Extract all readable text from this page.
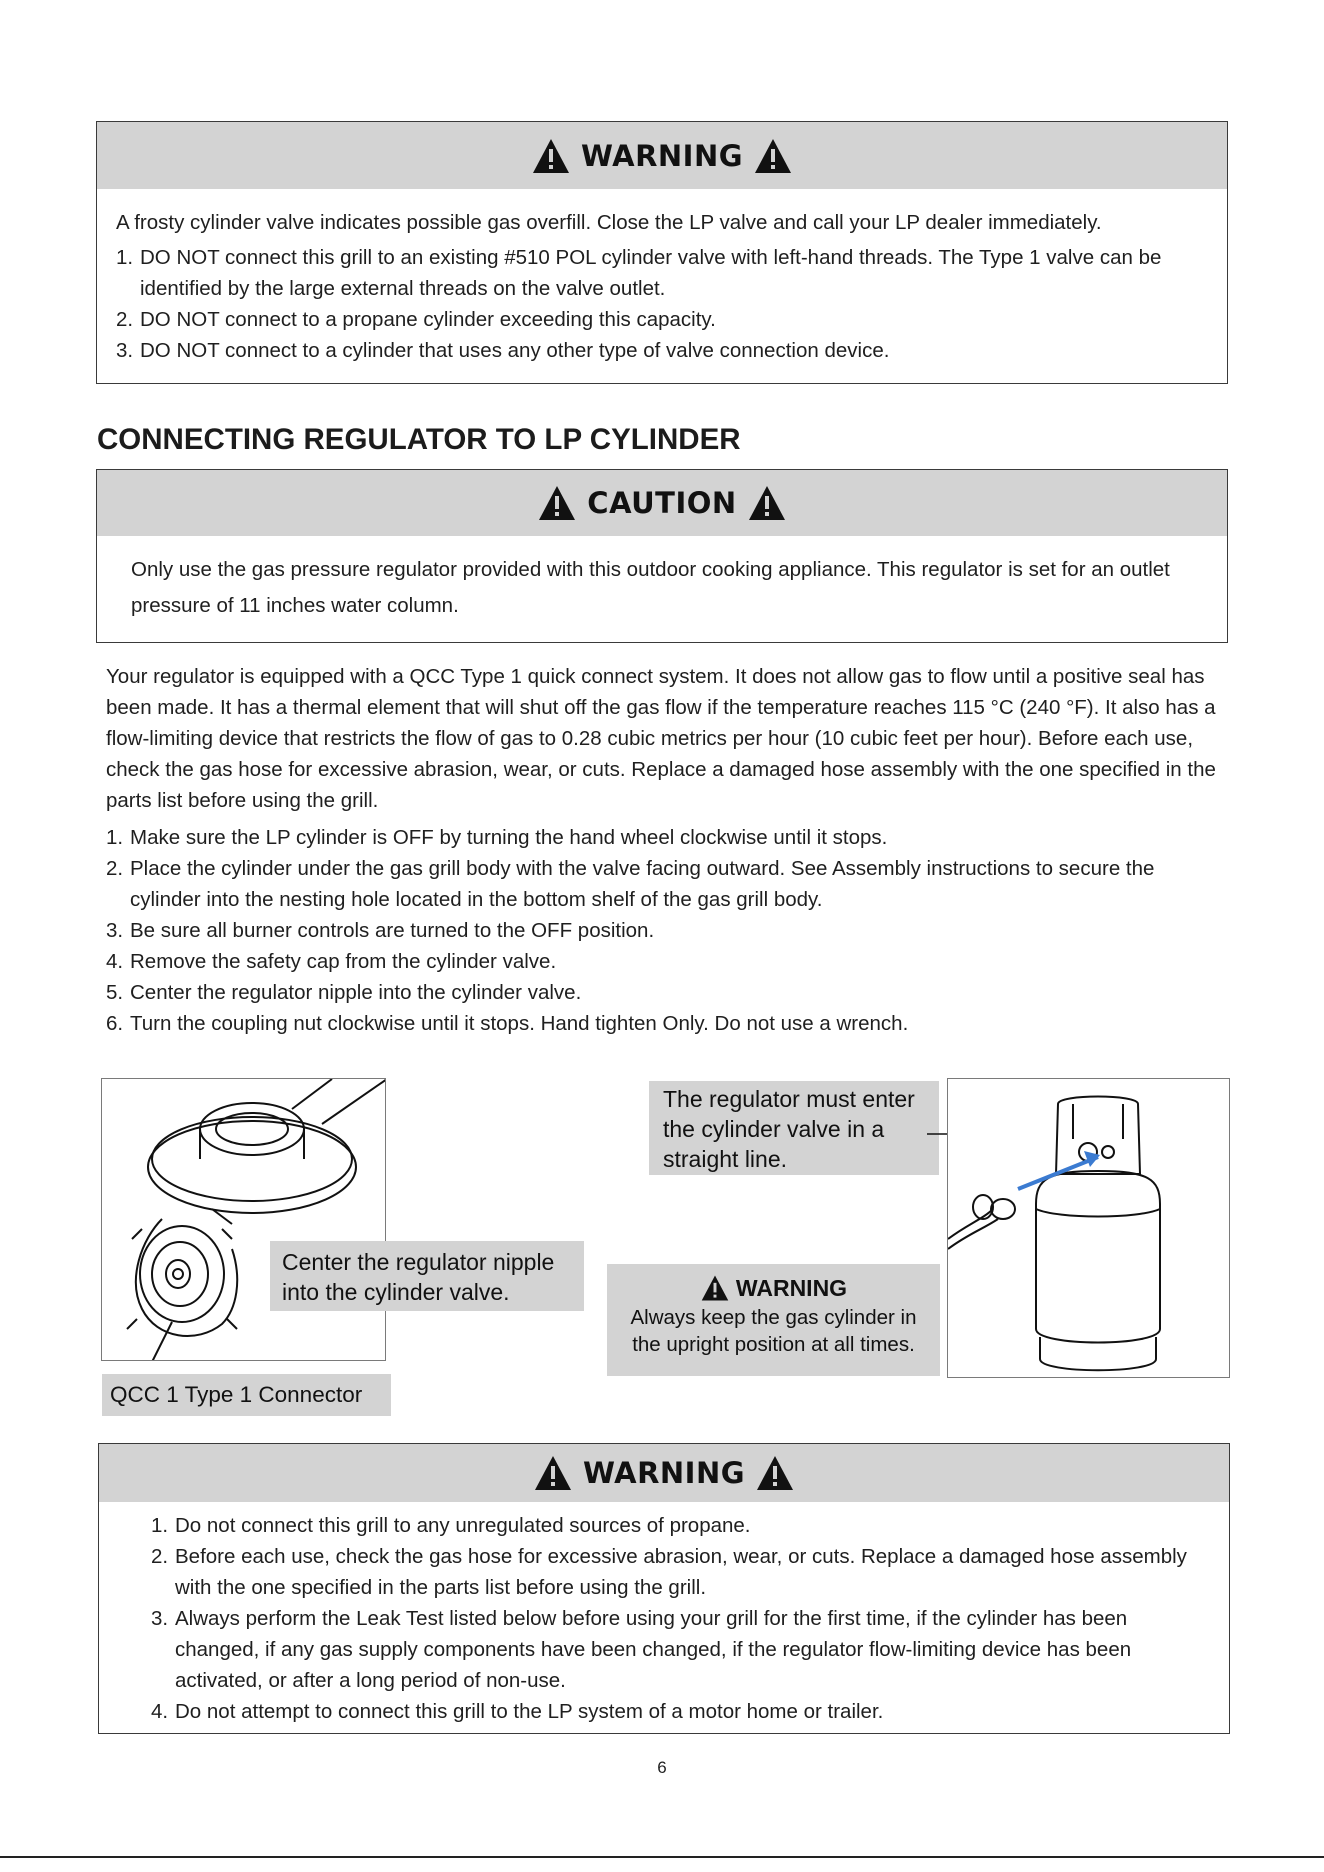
WARNING

A frosty cylinder valve indicates possible gas overfill. Close the LP valve and call your LP dealer immediately.

1. DO NOT connect this grill to an existing #510 POL cylinder valve with left-hand threads. The Type 1 valve can be identified by the large external threads on the valve outlet.
2. DO NOT connect to a propane cylinder exceeding this capacity.
3. DO NOT connect to a cylinder that uses any other type of valve connection device.
CONNECTING REGULATOR TO LP CYLINDER
CAUTION

Only use the gas pressure regulator provided with this outdoor cooking appliance. This regulator is set for an outlet pressure of 11 inches water column.

Your regulator is equipped with a QCC Type 1 quick connect system. It does not allow gas to flow until a positive seal has been made. It has a thermal element that will shut off the gas flow if the temperature reaches 115 °C (240 °F). It also has a flow-limiting device that restricts the flow of gas to 0.28 cubic metrics per hour (10 cubic feet per hour). Before each use, check the gas hose for excessive abrasion, wear, or cuts. Replace a damaged hose assembly with the one specified in the parts list before using the grill.

1. Make sure the LP cylinder is OFF by turning the hand wheel clockwise until it stops.
2. Place the cylinder under the gas grill body with the valve facing outward. See Assembly instructions to secure the cylinder into the nesting hole located in the bottom shelf of the gas grill body.
3. Be sure all burner controls are turned to the OFF position.
4. Remove the safety cap from the cylinder valve.
5. Center the regulator nipple into the cylinder valve.
6. Turn the coupling nut clockwise until it stops. Hand tighten Only. Do not use a wrench.
Center the regulator nipple into the cylinder valve.
QCC 1 Type 1 Connector
The regulator must enter the cylinder valve in a straight line.
WARNING
Always keep the gas cylinder in the upright position at all times.
WARNING
1. Do not connect this grill to any unregulated sources of propane.
2. Before each use, check the gas hose for excessive abrasion, wear, or cuts. Replace a damaged hose assembly with the one specified in the parts list before using the grill.
3. Always perform the Leak Test listed below before using your grill for the first time, if the cylinder has been changed, if any gas supply components have been changed, if the regulator flow-limiting device has been activated, or after a long period of non-use.
4. Do not attempt to connect this grill to the LP system of a motor home or trailer.
6
